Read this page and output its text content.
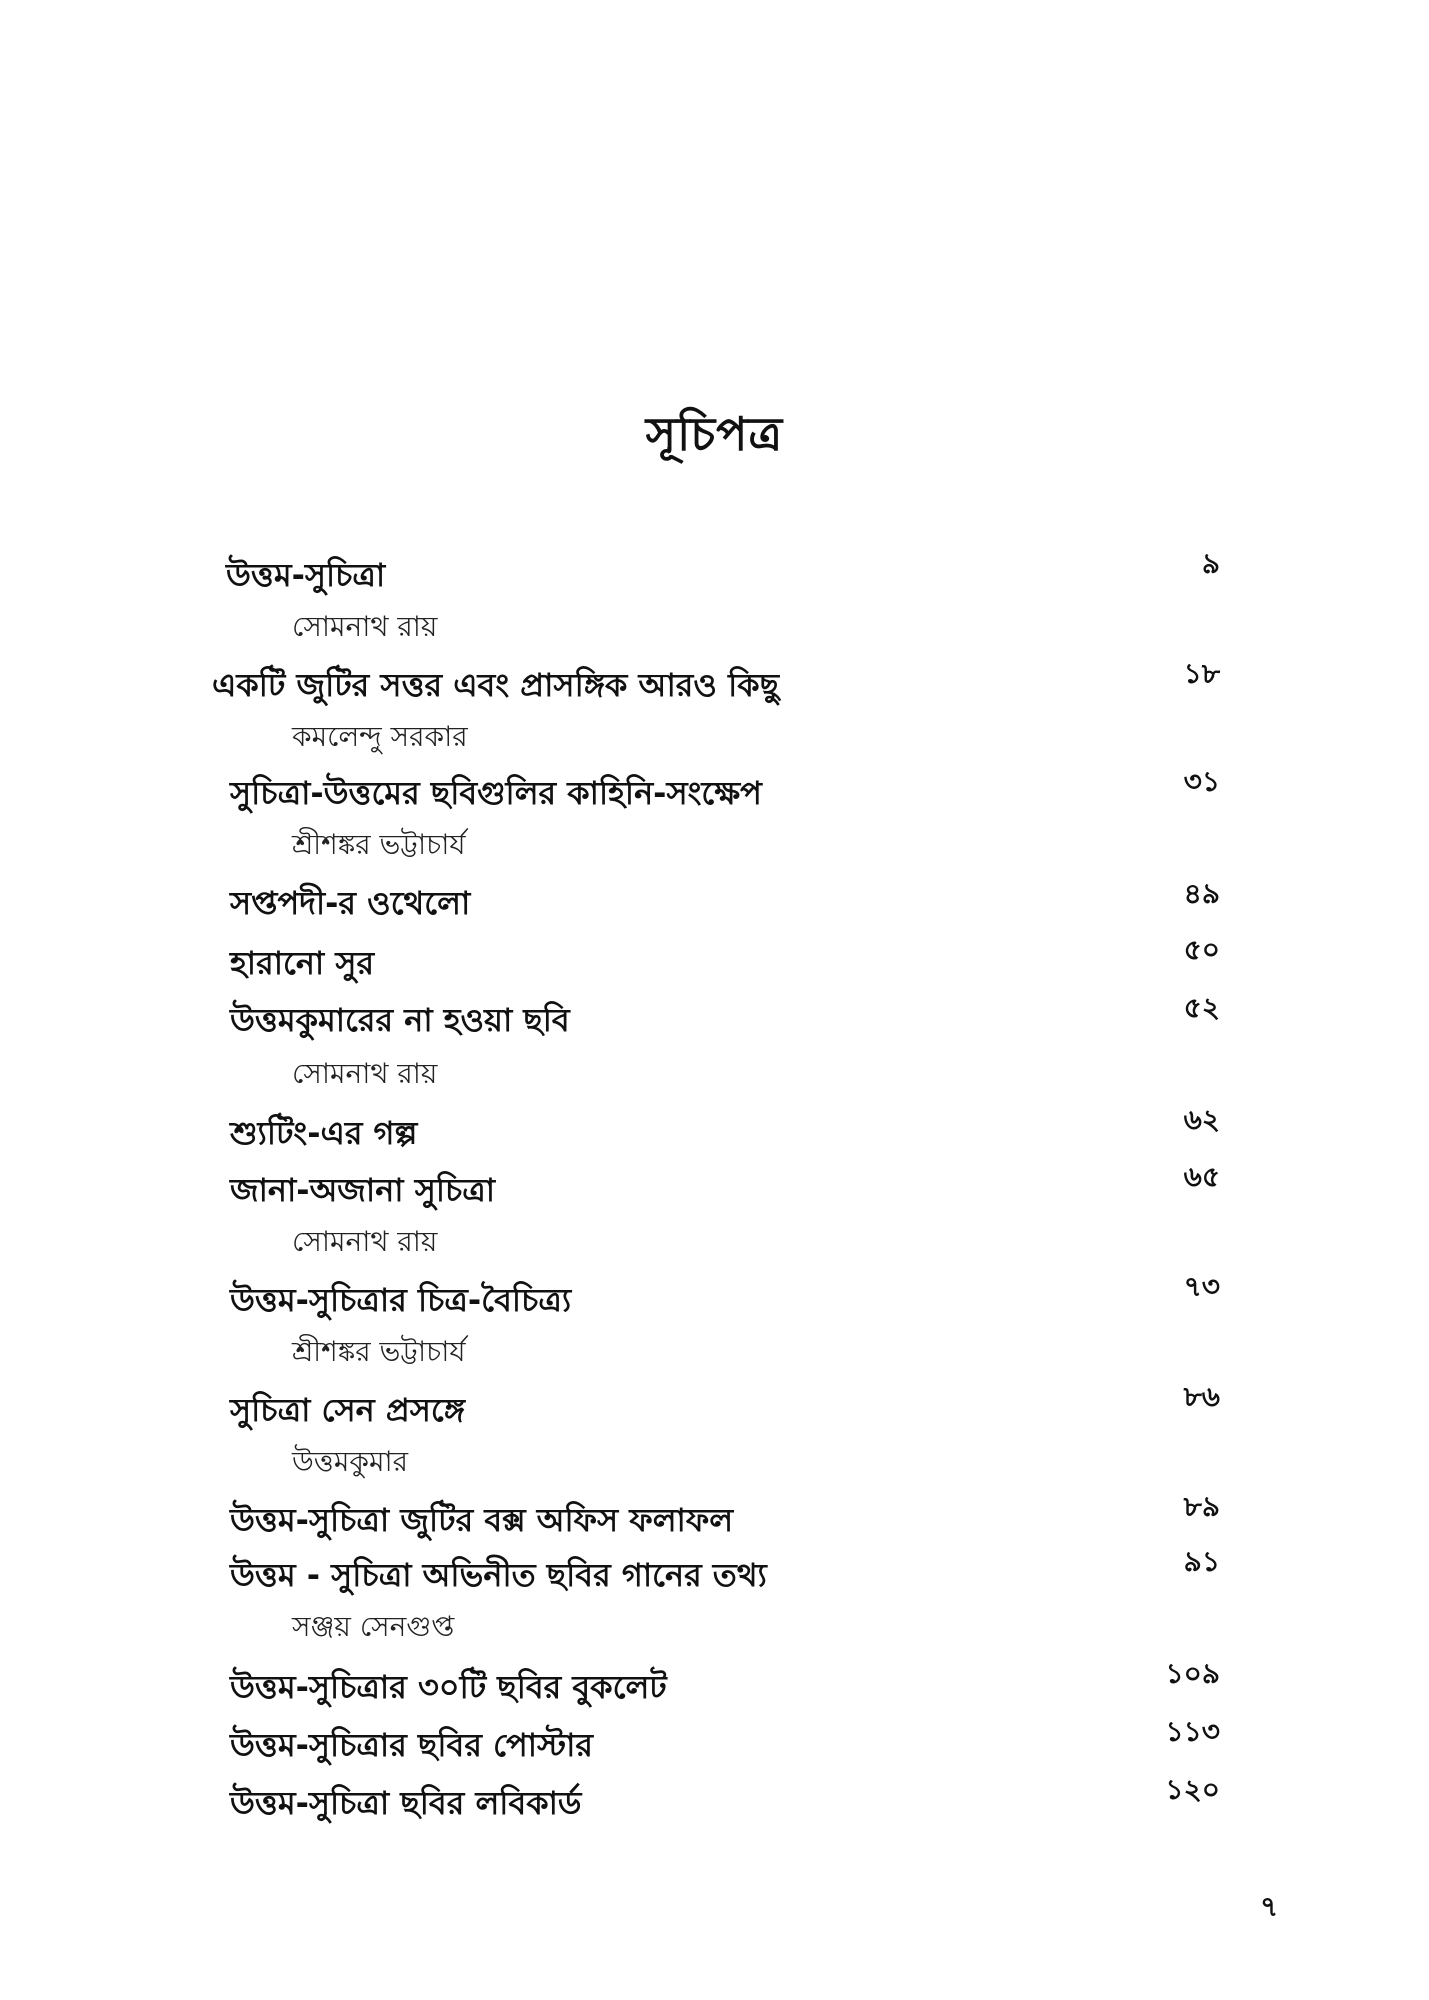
সূচিপত্র
উত্তম-সুচিত্রা	৯
সোমনাথ রায়
একটি জুটির সত্তর এবং প্রাসঙ্গিক আরও কিছু	১৮
কমলেন্দু সরকার
সুচিত্রা-উত্তমের ছবিগুলির কাহিনি-সংক্ষেপ	৩১
শ্রীশঙ্কর ভট্টাচার্য
সপ্তপদী-র ওথেলো	৪৯
হারানো সুর	৫০
উত্তমকুমারের না হওয়া ছবি	৫২
সোমনাথ রায়
শ্যুটিং-এর গল্প	৬২
জানা-অজানা সুচিত্রা	৬৫
সোমনাথ রায়
উত্তম-সুচিত্রার চিত্র-বৈচিত্র্য	৭৩
শ্রীশঙ্কর ভট্টাচার্য
সুচিত্রা সেন প্রসঙ্গে	৮৬
উত্তমকুমার
উত্তম-সুচিত্রা জুটির বক্স অফিস ফলাফল	৮৯
উত্তম - সুচিত্রা অভিনীত ছবির গানের তথ্য	৯১
সঞ্জয় সেনগুপ্ত
উত্তম-সুচিত্রার ৩০টি ছবির বুকলেট	১০৯
উত্তম-সুচিত্রার ছবির পোস্টার	১১৩
উত্তম-সুচিত্রা ছবির লবিকার্ড	১২০
৭
